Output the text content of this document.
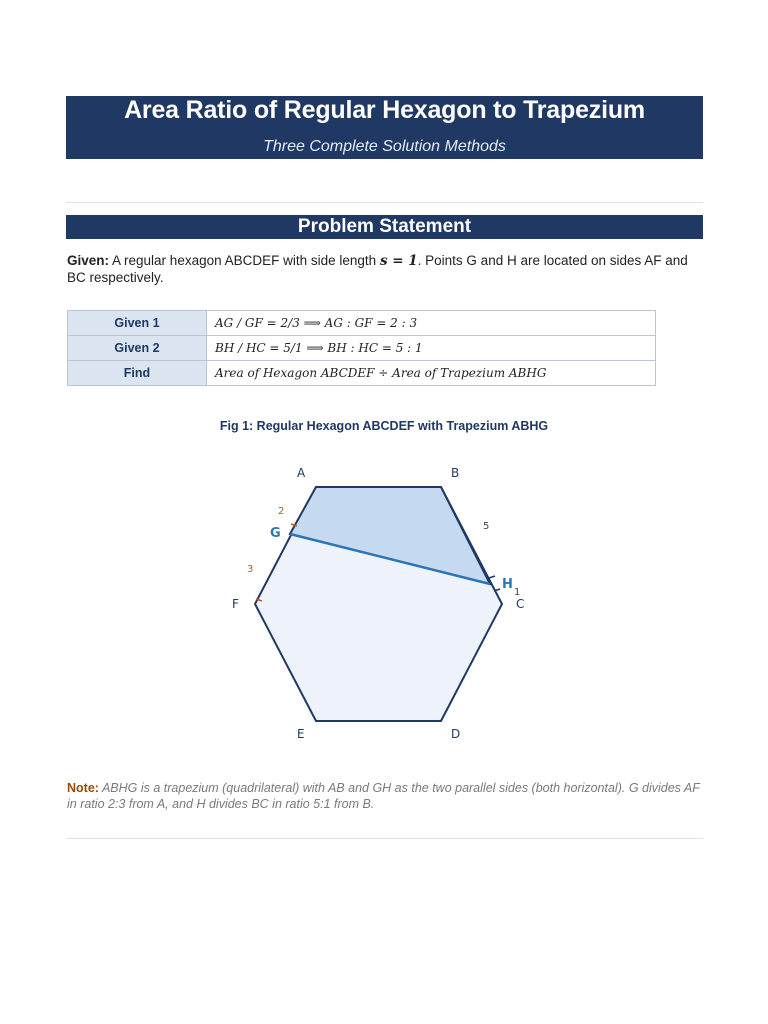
Area Ratio of Regular Hexagon to Trapezium
Three Complete Solution Methods
Problem Statement
Given: A regular hexagon ABCDEF with side length s = 1. Points G and H are located on sides AF and BC respectively.
Given 1	AG / GF = 2/3 ⟹ AG : GF = 2 : 3
Given 2	BH / HC = 5/1 ⟹ BH : HC = 5 : 1
Find	Area of Hexagon ABCDEF ÷ Area of Trapezium ABHG
Fig 1: Regular Hexagon ABCDEF with Trapezium ABHG
A	B
C
D
E
F
G
H
2
3
5
1
Note: ABHG is a trapezium (quadrilateral) with AB and GH as the two parallel sides (both horizontal). G divides AF in ratio 2:3 from A, and H divides BC in ratio 5:1 from B.
